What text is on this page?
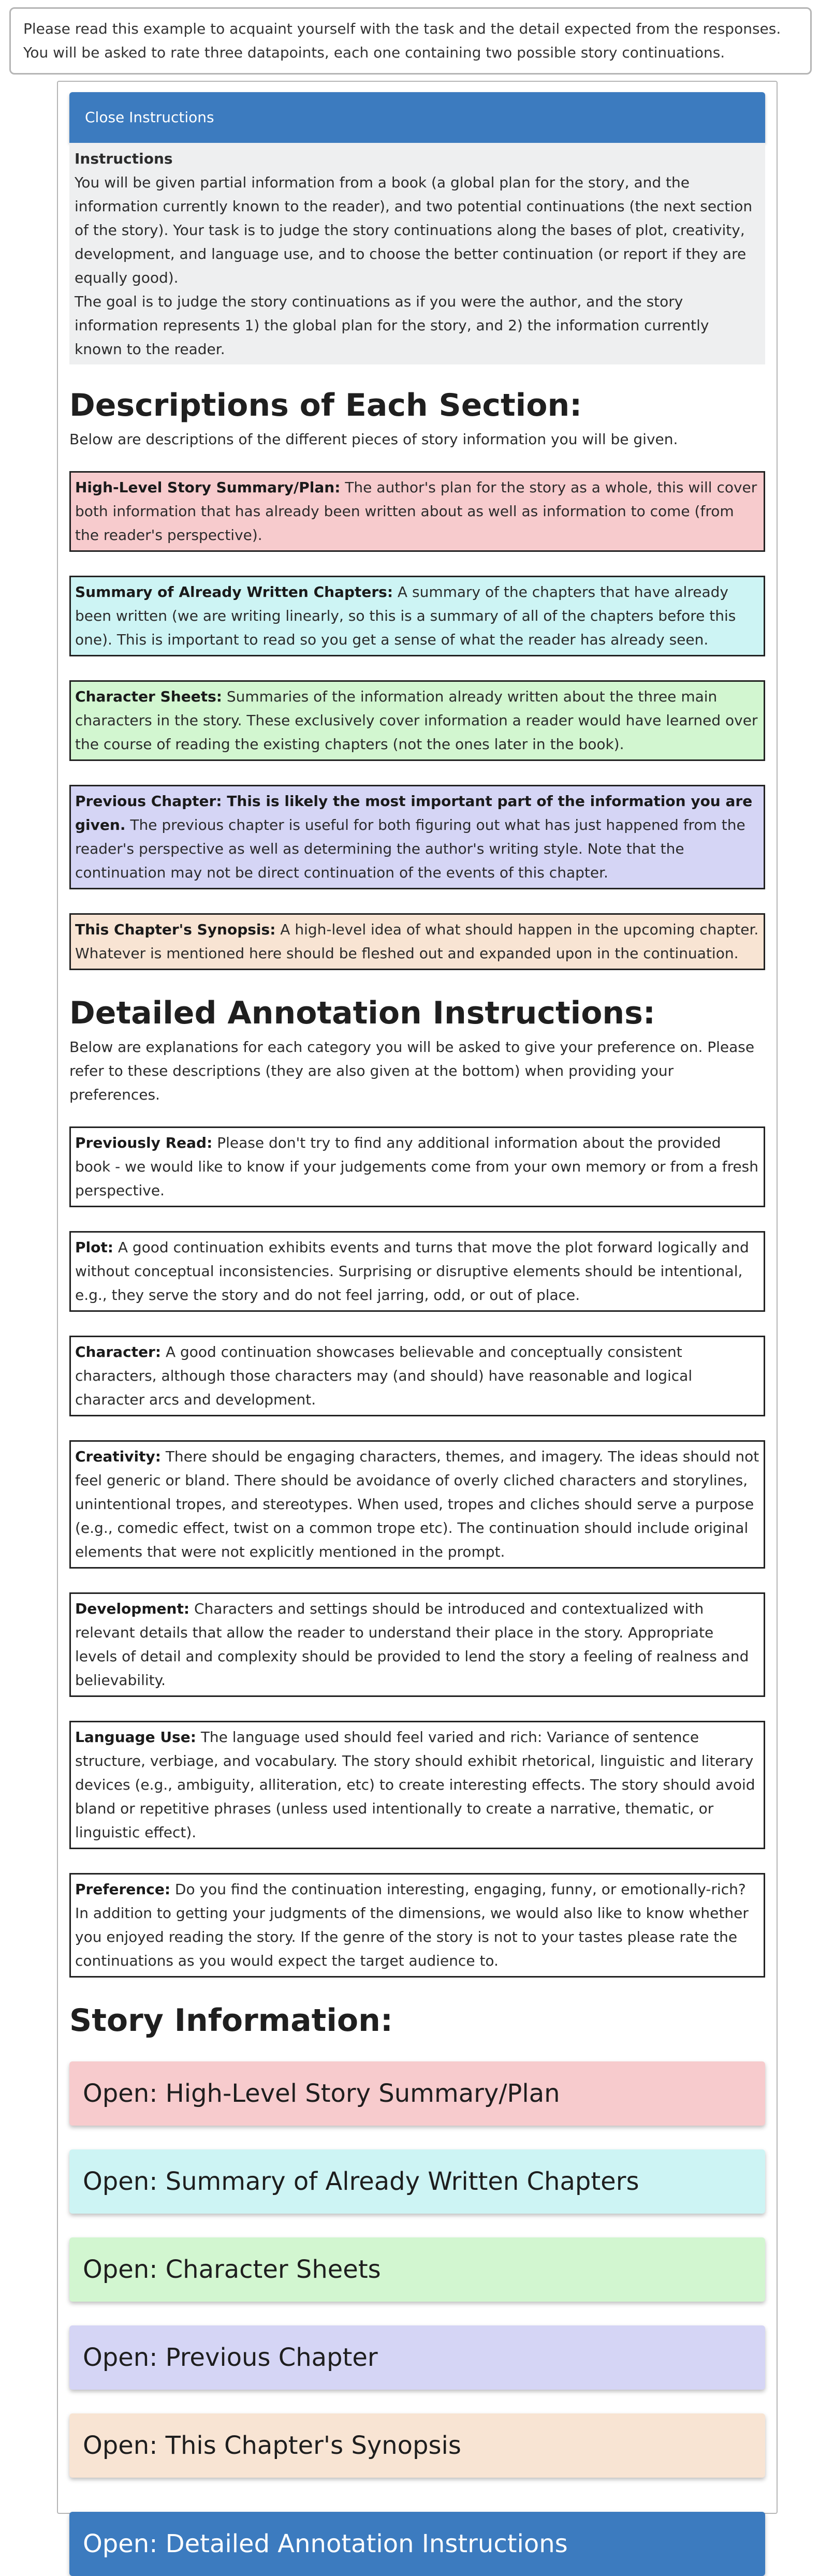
Please read this example to acquaint yourself with the task and the detail expected from the responses. You will be asked to rate three datapoints, each one containing two possible story continuations.
Close Instructions
Instructions
You will be given partial information from a book (a global plan for the story, and the information currently known to the reader), and two potential continuations (the next section of the story). Your task is to judge the story continuations along the bases of plot, creativity, development, and language use, and to choose the better continuation (or report if they are equally good).
The goal is to judge the story continuations as if you were the author, and the story information represents 1) the global plan for the story, and 2) the information currently known to the reader.
Descriptions of Each Section:

Below are descriptions of the different pieces of story information you will be given.

High-Level Story Summary/Plan: The author's plan for the story as a whole, this will cover both information that has already been written about as well as information to come (from the reader's perspective).
Summary of Already Written Chapters: A summary of the chapters that have already been written (we are writing linearly, so this is a summary of all of the chapters before this one). This is important to read so you get a sense of what the reader has already seen.
Character Sheets: Summaries of the information already written about the three main characters in the story. These exclusively cover information a reader would have learned over the course of reading the existing chapters (not the ones later in the book).
Previous Chapter: This is likely the most important part of the information you are given. The previous chapter is useful for both figuring out what has just happened from the reader's perspective as well as determining the author's writing style. Note that the continuation may not be direct continuation of the events of this chapter.
This Chapter's Synopsis: A high-level idea of what should happen in the upcoming chapter. Whatever is mentioned here should be fleshed out and expanded upon in the continuation.
Detailed Annotation Instructions:

Below are explanations for each category you will be asked to give your preference on. Please refer to these descriptions (they are also given at the bottom) when providing your preferences.

Previously Read: Please don't try to find any additional information about the provided book - we would like to know if your judgements come from your own memory or from a fresh perspective.
Plot: A good continuation exhibits events and turns that move the plot forward logically and without conceptual inconsistencies. Surprising or disruptive elements should be intentional, e.g., they serve the story and do not feel jarring, odd, or out of place.
Character: A good continuation showcases believable and conceptually consistent characters, although those characters may (and should) have reasonable and logical character arcs and development.
Creativity: There should be engaging characters, themes, and imagery. The ideas should not feel generic or bland. There should be avoidance of overly cliched characters and storylines, unintentional tropes, and stereotypes. When used, tropes and cliches should serve a purpose (e.g., comedic effect, twist on a common trope etc). The continuation should include original elements that were not explicitly mentioned in the prompt.
Development: Characters and settings should be introduced and contextualized with relevant details that allow the reader to understand their place in the story. Appropriate levels of detail and complexity should be provided to lend the story a feeling of realness and believability.
Language Use: The language used should feel varied and rich: Variance of sentence structure, verbiage, and vocabulary. The story should exhibit rhetorical, linguistic and literary devices (e.g., ambiguity, alliteration, etc) to create interesting effects. The story should avoid bland or repetitive phrases (unless used intentionally to create a narrative, thematic, or linguistic effect).
Preference: Do you find the continuation interesting, engaging, funny, or emotionally-rich? In addition to getting your judgments of the dimensions, we would also like to know whether you enjoyed reading the story. If the genre of the story is not to your tastes please rate the continuations as you would expect the target audience to.
Story Information:
Open: High-Level Story Summary/Plan
Open: Summary of Already Written Chapters
Open: Character Sheets
Open: Previous Chapter
Open: This Chapter's Synopsis
Open: Detailed Annotation Instructions
